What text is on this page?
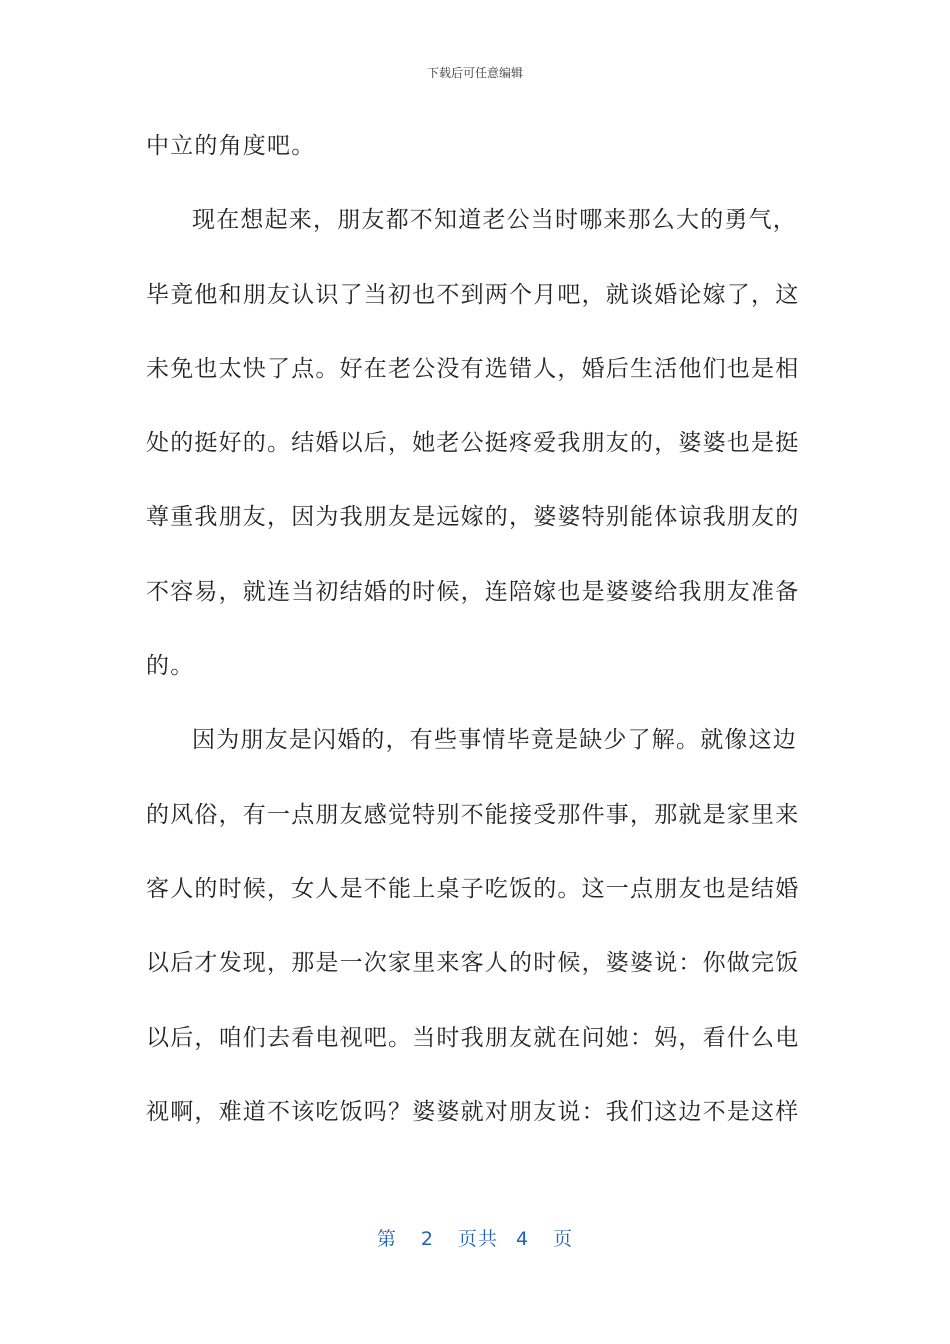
下载后可任意编辑
中立的角度吧。
现在想起来，朋友都不知道老公当时哪来那么大的勇气，
毕竟他和朋友认识了当初也不到两个月吧，就谈婚论嫁了，这
未免也太快了点。好在老公没有选错人，婚后生活他们也是相
处的挺好的。结婚以后，她老公挺疼爱我朋友的，婆婆也是挺
尊重我朋友，因为我朋友是远嫁的，婆婆特别能体谅我朋友的
不容易，就连当初结婚的时候，连陪嫁也是婆婆给我朋友准备
的。
因为朋友是闪婚的，有些事情毕竟是缺少了解。就像这边
的风俗，有一点朋友感觉特别不能接受那件事，那就是家里来
客人的时候，女人是不能上桌子吃饭的。这一点朋友也是结婚
以后才发现，那是一次家里来客人的时候，婆婆说：你做完饭
以后，咱们去看电视吧。当时我朋友就在问她：妈，看什么电
视啊，难道不该吃饭吗？婆婆就对朋友说：我们这边不是这样
第 2 页共 4 页
